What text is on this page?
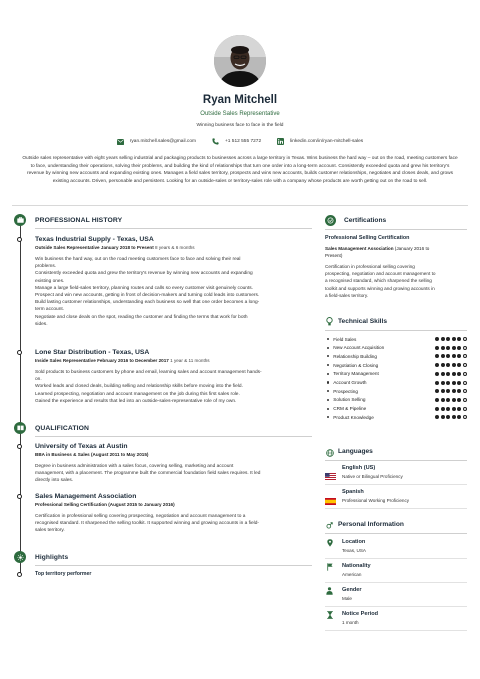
Ryan Mitchell
Outside Sales Representative
Winning business face to face in the field
ryan.mitchell.sales@gmail.com	+1 512 555 7272	linkedin.com/in/ryan-mitchell-sales
Outside sales representative with eight years selling industrial and packaging products to businesses across a large territory in Texas. Wins business the hard way – out on the road, meeting customers face to face, understanding their operations, solving their problems, and building the kind of relationships that turn one order into a long-term account. Consistently exceeded quota and grew his territory's revenue by winning new accounts and expanding existing ones. Manages a field sales territory, prospects and wins new accounts, builds customer relationships, negotiates and closes deals, and grows existing accounts. Driven, personable and persistent. Looking for an outside-sales or territory-sales role with a company whose products are worth getting out on the road to sell.
PROFESSIONAL HISTORY
Texas Industrial Supply - Texas, USA
Outside Sales Representative January 2018 to Present 8 years & 6 months
Win business the hard way, out on the road meeting customers face to face and solving their real
problems.
Consistently exceeded quota and grew the territory's revenue by winning new accounts and expanding
existing ones.
Manage a large field-sales territory, planning routes and calls so every customer visit genuinely counts.
Prospect and win new accounts, getting in front of decision-makers and turning cold leads into customers.
Build lasting customer relationships, understanding each business so well that one order becomes a long-
term account.
Negotiate and close deals on the spot, reading the customer and finding the terms that work for both
sides.
Lone Star Distribution - Texas, USA
Inside Sales Representative February 2016 to December 2017 1 year & 11 months
Sold products to business customers by phone and email, learning sales and account management hands-
on.
Worked leads and closed deals, building selling and relationship skills before moving into the field.
Learned prospecting, negotiation and account management on the job during this first sales role.
Gained the experience and results that led into an outside-sales-representative role of my own.
QUALIFICATION
University of Texas at Austin
BBA in Business & Sales (August 2011 to May 2015)
Degree in business administration with a sales focus, covering selling, marketing and account
management, with a placement. The programme built the commercial foundation field sales requires. It led
directly into sales.
Sales Management Association
Professional Selling Certification (August 2015 to January 2016)
Certification in professional selling covering prospecting, negotiation and account management to a
recognised standard. It sharpened the selling toolkit. It supported winning and growing accounts in a field-
sales territory.
Highlights
Top territory performer
Certifications
Professional Selling Certification
Sales Management Association (January 2016 to
Present)
Certification in professional selling covering
prospecting, negotiation and account management to
a recognised standard, which sharpened the selling
toolkit and supports winning and growing accounts in
a field-sales territory.
Technical Skills
Field Sales
New Account Acquisition
Relationship Building
Negotiation & Closing
Territory Management
Account Growth
Prospecting
Solution Selling
CRM & Pipeline
Product Knowledge
Languages
English (US)
Native or Bilingual Proficiency
Spanish
Professional Working Proficiency
Personal Information
Location
Texas, USA
Nationality
American
Gender
Male
Notice Period
1 month
